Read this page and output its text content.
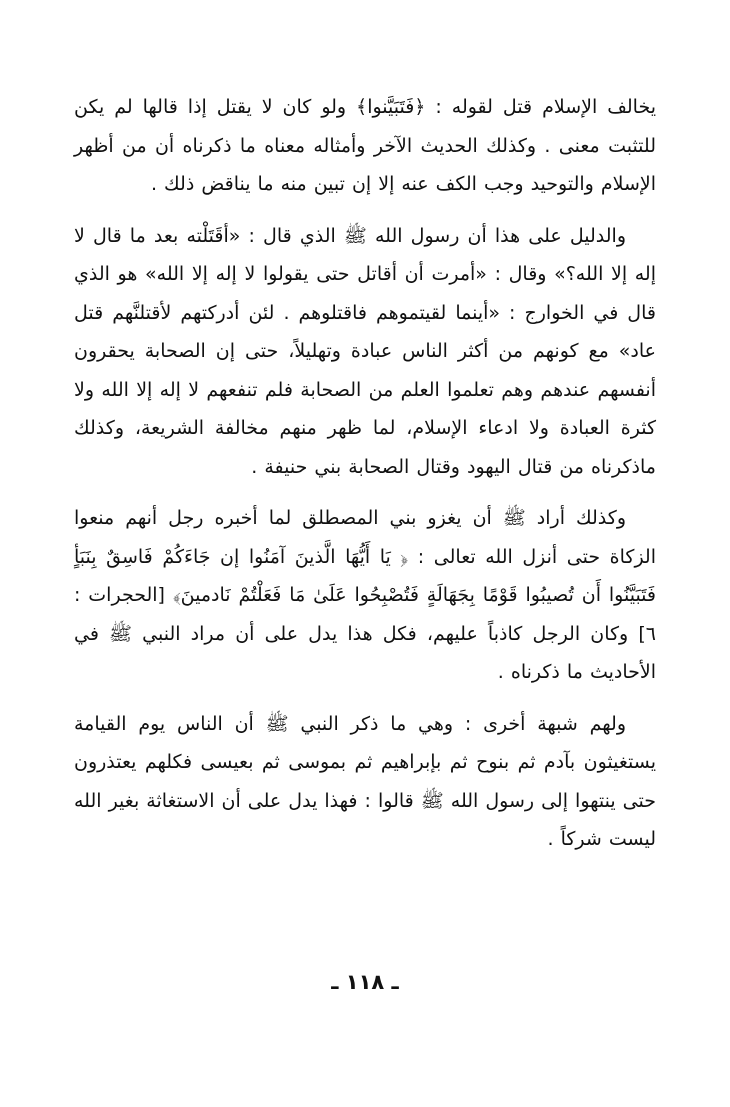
يخالف الإسلام قتل لقوله : ﴿فَتَبَيَّنوا﴾ ولو كان لا يقتل إذا قالها لم يكن للتثبت معنى . وكذلك الحديث الآخر وأمثاله معناه ما ذكرناه أن من أظهر الإسلام والتوحيد وجب الكف عنه إلا إن تبين منه ما يناقض ذلك .

والدليل على هذا أن رسول الله ﷺ الذي قال : «أقَتَلْته بعد ما قال لا إله إلا الله؟» وقال : «أمرت أن أقاتل حتى يقولوا لا إله إلا الله» هو الذي قال في الخوارج : «أينما لقيتموهم فاقتلوهم . لئن أدركتهم لأقتلنَّهم قتل عاد» مع كونهم من أكثر الناس عبادة وتهليلاً، حتى إن الصحابة يحقرون أنفسهم عندهم وهم تعلموا العلم من الصحابة فلم تنفعهم لا إله إلا الله ولا كثرة العبادة ولا ادعاء الإسلام، لما ظهر منهم مخالفة الشريعة، وكذلك ماذكرناه من قتال اليهود وقتال الصحابة بني حنيفة .

وكذلك أراد ﷺ أن يغزو بني المصطلق لما أخبره رجل أنهم منعوا الزكاة حتى أنزل الله تعالى : ﴿ يَا أَيُّهَا الَّذينَ آمَنُوا إن جَاءَكُمْ فَاسِقٌ بِنَبَأٍ فَتَبَيَّنُوا أَن تُصيبُوا قَوْمًا بِجَهَالَةٍ فَتُصْبِحُوا عَلَىٰ مَا فَعَلْتُمْ نَادمينَ﴾ [الحجرات : ٦] وكان الرجل كاذباً عليهم، فكل هذا يدل على أن مراد النبي ﷺ في الأحاديث ما ذكرناه .

ولهم شبهة أخرى : وهي ما ذكر النبي ﷺ أن الناس يوم القيامة يستغيثون بآدم ثم بنوح ثم بإبراهيم ثم بموسى ثم بعيسى فكلهم يعتذرون حتى ينتهوا إلى رسول الله ﷺ قالوا : فهذا يدل على أن الاستغاثة بغير الله ليست شركاً .

ـ ١١٨ ـ
